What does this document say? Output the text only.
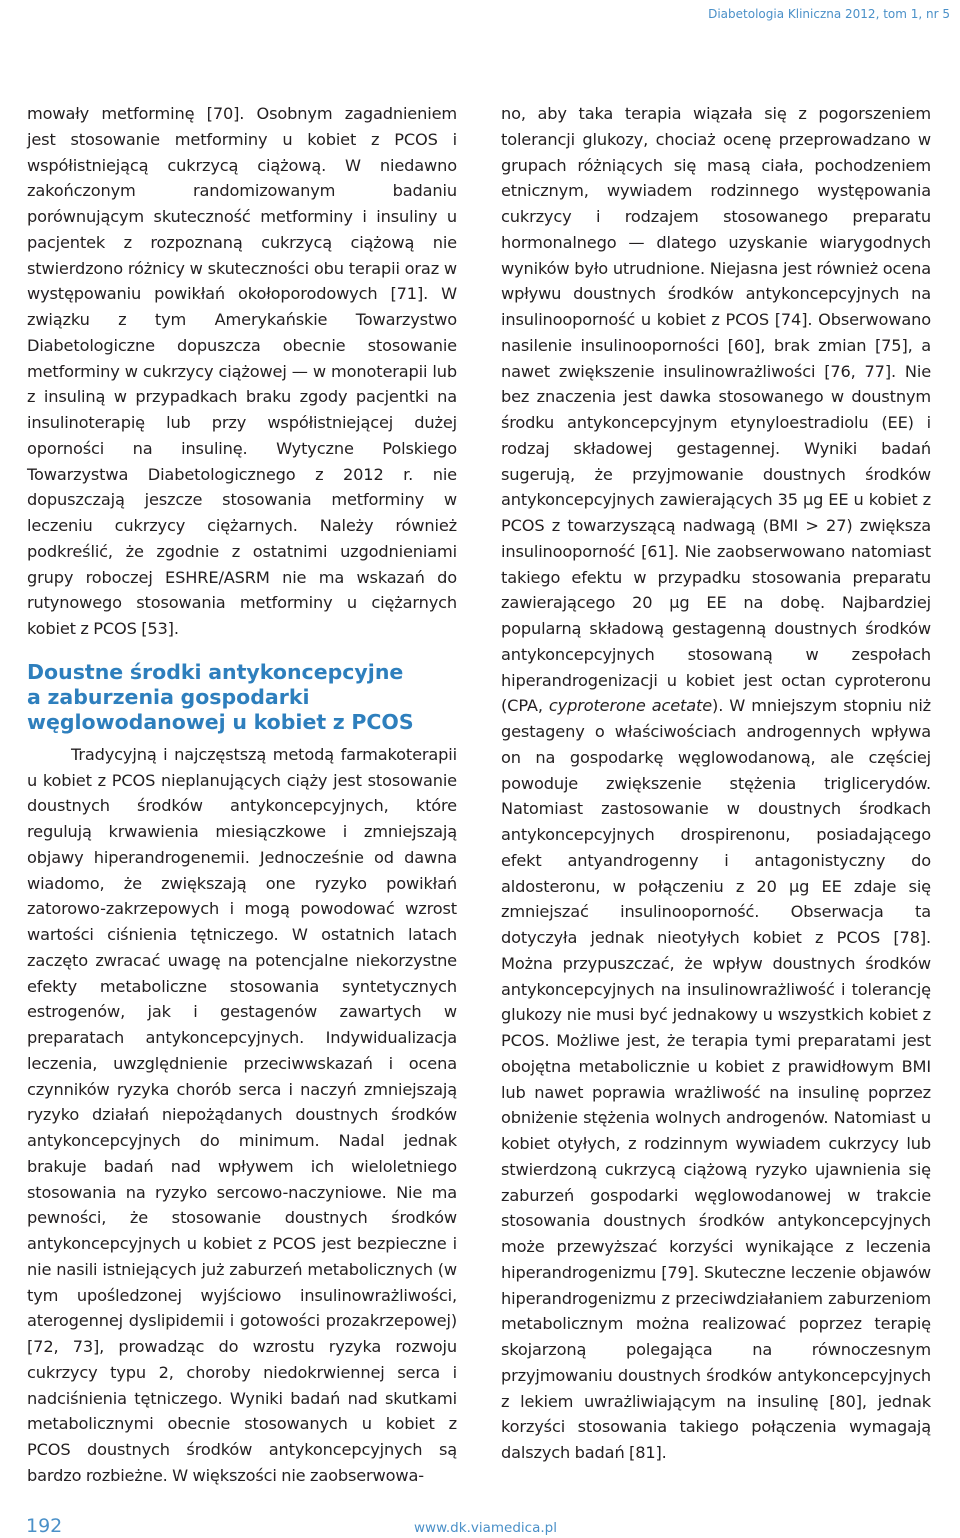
Diabetologia Kliniczna 2012, tom 1, nr 5

mowały metforminę [70]. Osobnym zagadnieniem jest stosowanie metforminy u kobiet z PCOS i współistniejącą cukrzycą ciążową. W niedawno zakończonym randomizowanym badaniu porównującym skuteczność metforminy i insuliny u pacjentek z rozpoznaną cukrzycą ciążową nie stwierdzono różnicy w skuteczności obu terapii oraz w występowaniu powikłań okołoporodowych [71]. W związku z tym Amerykańskie Towarzystwo Diabetologiczne dopuszcza obecnie stosowanie metforminy w cukrzycy ciążowej — w monoterapii lub z insuliną w przypadkach braku zgody pacjentki na insulinoterapię lub przy współistniejącej dużej oporności na insulinę. Wytyczne Polskiego Towarzystwa Diabetologicznego z 2012 r. nie dopuszczają jeszcze stosowania metforminy w leczeniu cukrzycy ciężarnych. Należy również podkreślić, że zgodnie z ostatnimi uzgodnieniami grupy roboczej ESHRE/ASRM nie ma wskazań do rutynowego stosowania metforminy u ciężarnych kobiet z PCOS [53].

Doustne środki antykoncepcyjne
a zaburzenia gospodarki
węglowodanowej u kobiet z PCOS

Tradycyjną i najczęstszą metodą farmakoterapii u kobiet z PCOS nieplanujących ciąży jest stosowanie doustnych środków antykoncepcyjnych, które regulują krwawienia miesiączkowe i zmniejszają objawy hiperandrogenemii. Jednocześnie od dawna wiadomo, że zwiększają one ryzyko powikłań zatorowo-zakrzepowych i mogą powodować wzrost wartości ciśnienia tętniczego. W ostatnich latach zaczęto zwracać uwagę na potencjalne niekorzystne efekty metaboliczne stosowania syntetycznych estrogenów, jak i gestagenów zawartych w preparatach antykoncepcyjnych. Indywidualizacja leczenia, uwzględnienie przeciwwskazań i ocena czynników ryzyka chorób serca i naczyń zmniejszają ryzyko działań niepożądanych doustnych środków antykoncepcyjnych do minimum. Nadal jednak brakuje badań nad wpływem ich wieloletniego stosowania na ryzyko sercowo-naczyniowe. Nie ma pewności, że stosowanie doustnych środków antykoncepcyjnych u kobiet z PCOS jest bezpieczne i nie nasili istniejących już zaburzeń metabolicznych (w tym upośledzonej wyjściowo insulinowrażliwości, aterogennej dyslipidemii i gotowości prozakrzepowej) [72, 73], prowadząc do wzrostu ryzyka rozwoju cukrzycy typu 2, choroby niedokrwiennej serca i nadciśnienia tętniczego. Wyniki badań nad skutkami metabolicznymi obecnie stosowanych u kobiet z PCOS doustnych środków antykoncepcyjnych są bardzo rozbieżne. W większości nie zaobserwowa-

no, aby taka terapia wiązała się z pogorszeniem tolerancji glukozy, chociaż ocenę przeprowadzano w grupach różniących się masą ciała, pochodzeniem etnicznym, wywiadem rodzinnego występowania cukrzycy i rodzajem stosowanego preparatu hormonalnego — dlatego uzyskanie wiarygodnych wyników było utrudnione. Niejasna jest również ocena wpływu doustnych środków antykoncepcyjnych na insulinooporność u kobiet z PCOS [74]. Obserwowano nasilenie insulinooporności [60], brak zmian [75], a nawet zwiększenie insulinowrażliwości [76, 77]. Nie bez znaczenia jest dawka stosowanego w doustnym środku antykoncepcyjnym etynyloestradiolu (EE) i rodzaj składowej gestagennej. Wyniki badań sugerują, że przyjmowanie doustnych środków antykoncepcyjnych zawierających 35 µg EE u kobiet z PCOS z towarzyszącą nadwagą (BMI > 27) zwiększa insulinooporność [61]. Nie zaobserwowano natomiast takiego efektu w przypadku stosowania preparatu zawierającego 20 µg EE na dobę. Najbardziej popularną składową gestagenną doustnych środków antykoncepcyjnych stosowaną w zespołach hiperandrogenizacji u kobiet jest octan cyproteronu (CPA, cyproterone acetate). W mniejszym stopniu niż gestageny o właściwościach androgennych wpływa on na gospodarkę węglowodanową, ale częściej powoduje zwiększenie stężenia triglicerydów. Natomiast zastosowanie w doustnych środkach antykoncepcyjnych drospirenonu, posiadającego efekt antyandrogenny i antagonistyczny do aldosteronu, w połączeniu z 20 µg EE zdaje się zmniejszać insulinooporność. Obserwacja ta dotyczyła jednak nieotyłych kobiet z PCOS [78]. Można przypuszczać, że wpływ doustnych środków antykoncepcyjnych na insulinowrażliwość i tolerancję glukozy nie musi być jednakowy u wszystkich kobiet z PCOS. Możliwe jest, że terapia tymi preparatami jest obojętna metabolicznie u kobiet z prawidłowym BMI lub nawet poprawia wrażliwość na insulinę poprzez obniżenie stężenia wolnych androgenów. Natomiast u kobiet otyłych, z rodzinnym wywiadem cukrzycy lub stwierdzoną cukrzycą ciążową ryzyko ujawnienia się zaburzeń gospodarki węglowodanowej w trakcie stosowania doustnych środków antykoncepcyjnych może przewyższać korzyści wynikające z leczenia hiperandrogenizmu [79]. Skuteczne leczenie objawów hiperandrogenizmu z przeciwdziałaniem zaburzeniom metabolicznym można realizować poprzez terapię skojarzoną polegająca na równoczesnym przyjmowaniu doustnych środków antykoncepcyjnych z lekiem uwrażliwiającym na insulinę [80], jednak korzyści stosowania takiego połączenia wymagają dalszych badań [81].

192	www.dk.viamedica.pl
